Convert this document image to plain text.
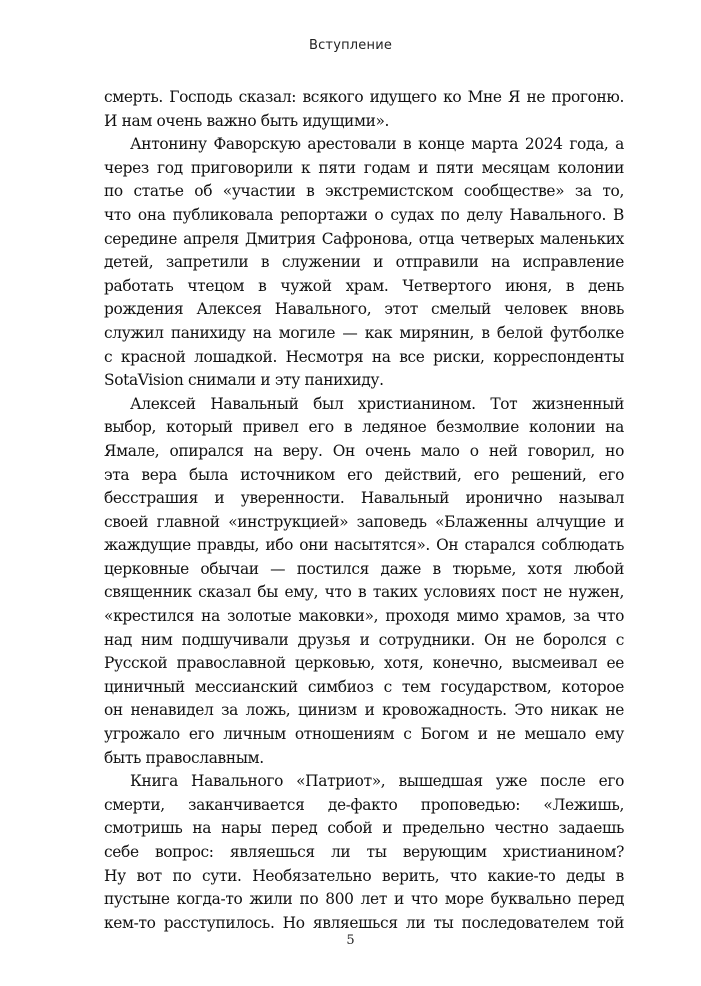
Вступление
смерть. Господь сказал: всякого идущего ко Мне Я не прогоню.
И нам очень важно быть идущими».
Антонину Фаворскую арестовали в конце марта 2024 года, а
через год приговорили к пяти годам и пяти месяцам колонии
по статье об «участии в экстремистском сообществе» за то,
что она публиковала репортажи о судах по делу Навального. В
середине апреля Дмитрия Сафронова, отца четверых маленьких
детей, запретили в служении и отправили на исправление
работать чтецом в чужой храм. Четвертого июня, в день
рождения Алексея Навального, этот смелый человек вновь
служил панихиду на могиле — как мирянин, в белой футболке
с красной лошадкой. Несмотря на все риски, корреспонденты
SotaVision снимали и эту панихиду.
Алексей Навальный был христианином. Тот жизненный
выбор, который привел его в ледяное безмолвие колонии на
Ямале, опирался на веру. Он очень мало о ней говорил, но
эта вера была источником его действий, его решений, его
бесстрашия и уверенности. Навальный иронично называл
своей главной «инструкцией» заповедь «Блаженны алчущие и
жаждущие правды, ибо они насытятся». Он старался соблюдать
церковные обычаи — постился даже в тюрьме, хотя любой
священник сказал бы ему, что в таких условиях пост не нужен,
«крестился на золотые маковки», проходя мимо храмов, за что
над ним подшучивали друзья и сотрудники. Он не боролся с
Русской православной церковью, хотя, конечно, высмеивал ее
циничный мессианский симбиоз с тем государством, которое
он ненавидел за ложь, цинизм и кровожадность. Это никак не
угрожало его личным отношениям с Богом и не мешало ему
быть православным.
Книга Навального «Патриот», вышедшая уже после его
смерти, заканчивается де-факто проповедью: «Лежишь,
смотришь на нары перед собой и предельно честно задаешь
себе вопрос: являешься ли ты верующим христианином?
Ну вот по сути. Необязательно верить, что какие-то деды в
пустыне когда-то жили по 800 лет и что море буквально перед
кем-то расступилось. Но являешься ли ты последователем той
5
